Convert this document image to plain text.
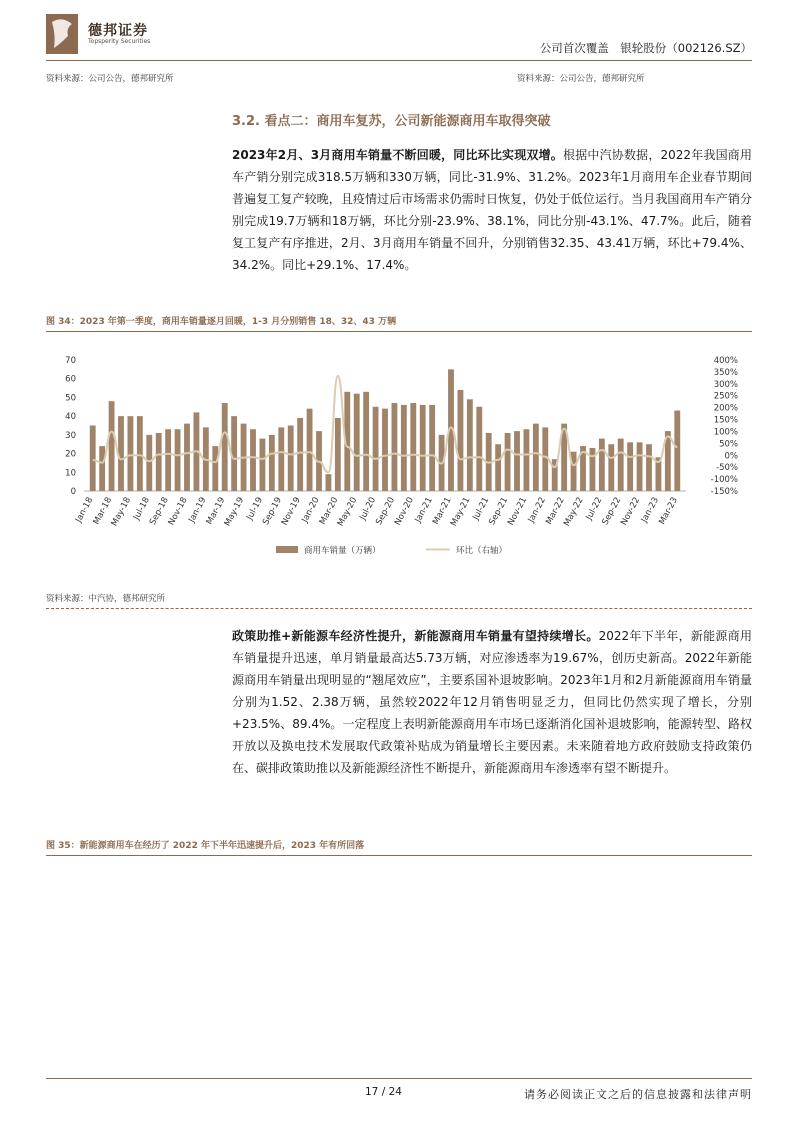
德邦证券
Topsperity Securities	公司首次覆盖　银轮股份（002126.SZ）
资料来源：公司公告，德邦研究所	资料来源：公司公告，德邦研究所
3.2. 看点二：商用车复苏，公司新能源商用车取得突破
2023年2月、3月商用车销量不断回暖，同比环比实现双增。根据中汽协数据，2022年我国商用车产销分别完成318.5万辆和330万辆，同比-31.9%、31.2%。2023年1月商用车企业春节期间普遍复工复产较晚，且疫情过后市场需求仍需时日恢复，仍处于低位运行。当月我国商用车产销分别完成19.7万辆和18万辆，环比分别-23.9%、38.1%，同比分别-43.1%、47.7%。此后，随着复工复产有序推进，2月、3月商用车销量不回升，分别销售32.35、43.41万辆，环比+79.4%、34.2%。同比+29.1%、17.4%。
图 34：2023 年第一季度，商用车销量逐月回暖，1-3 月分别销售 18、32、43 万辆
70
60
50
40
30
20
10
0
400%
350%
300%
250%
200%
150%
100%
50%
0%
-50%
-100%
-150%
Jan-18
Mar-18
May-18
Jul-18
Sep-18
Nov-18
Jan-19
Mar-19
May-19
Jul-19
Sep-19
Nov-19
Jan-20
Mar-20
May-20
Jul-20
Sep-20
Nov-20
Jan-21
Mar-21
May-21
Jul-21
Sep-21
Nov-21
Jan-22
Mar-22
May-22
Jul-22
Sep-22
Nov-22
Jan-23
Mar-23
商用车销量（万辆）	环比（右轴）
资料来源：中汽协，德邦研究所
政策助推+新能源车经济性提升，新能源商用车销量有望持续增长。2022年下半年，新能源商用车销量提升迅速，单月销量最高达5.73万辆，对应渗透率为19.67%，创历史新高。2022年新能源商用车销量出现明显的“翘尾效应”，主要系国补退坡影响。2023年1月和2月新能源商用车销量分别为1.52、2.38万辆，虽然较2022年12月销售明显乏力，但同比仍然实现了增长，分别+23.5%、89.4%。一定程度上表明新能源商用车市场已逐渐消化国补退坡影响，能源转型、路权开放以及换电技术发展取代政策补贴成为销量增长主要因素。未来随着地方政府鼓励支持政策仍在、碳排政策助推以及新能源经济性不断提升，新能源商用车渗透率有望不断提升。
图 35：新能源商用车在经历了 2022 年下半年迅速提升后，2023 年有所回落
17 / 24	请务必阅读正文之后的信息披露和法律声明
